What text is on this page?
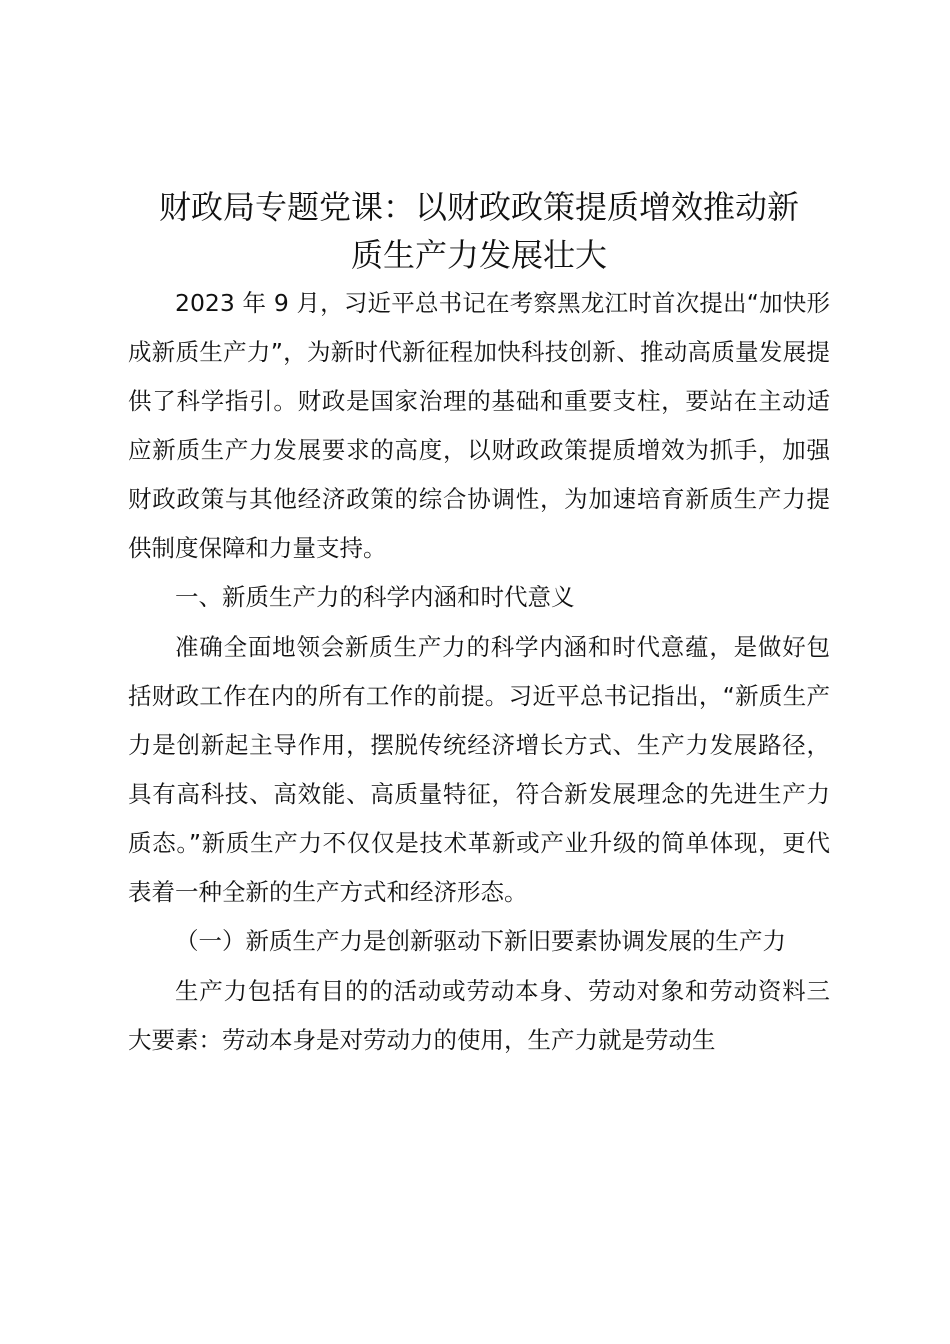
财政局专题党课：以财政政策提质增效推动新
质生产力发展壮大

2023 年 9 月，习近平总书记在考察黑龙江时首次提出“加快形成新质生产力”，为新时代新征程加快科技创新、推动高质量发展提供了科学指引。财政是国家治理的基础和重要支柱，要站在主动适应新质生产力发展要求的高度，以财政政策提质增效为抓手，加强财政政策与其他经济政策的综合协调性，为加速培育新质生产力提供制度保障和力量支持。

一、新质生产力的科学内涵和时代意义

准确全面地领会新质生产力的科学内涵和时代意蕴，是做好包括财政工作在内的所有工作的前提。习近平总书记指出，“新质生产力是创新起主导作用，摆脱传统经济增长方式、生产力发展路径，具有高科技、高效能、高质量特征，符合新发展理念的先进生产力质态。”新质生产力不仅仅是技术革新或产业升级的简单体现，更代表着一种全新的生产方式和经济形态。

（一）新质生产力是创新驱动下新旧要素协调发展的生产力

生产力包括有目的的活动或劳动本身、劳动对象和劳动资料三大要素：劳动本身是对劳动力的使用，生产力就是劳动生
